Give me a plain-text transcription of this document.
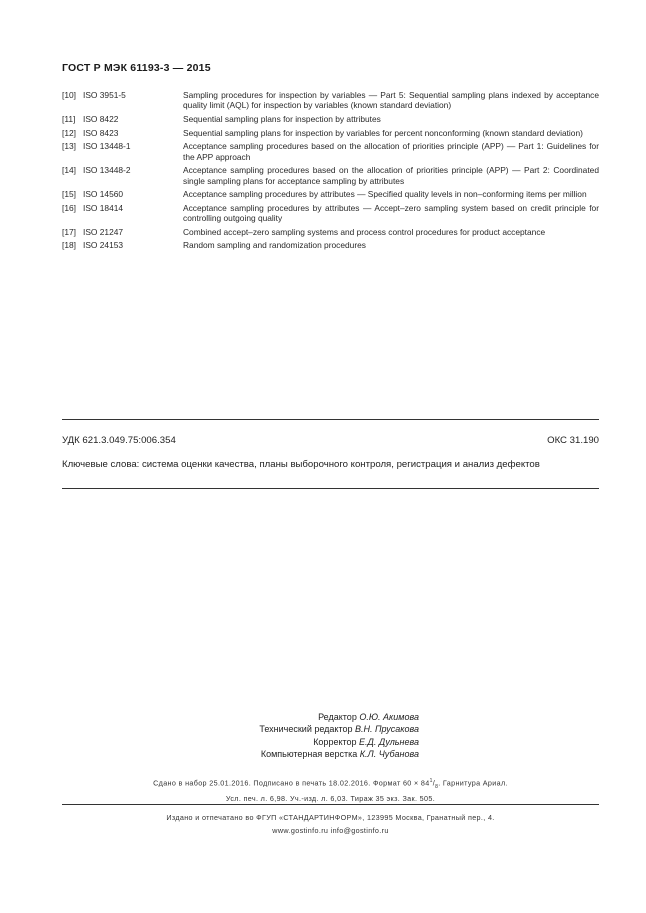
ГОСТ Р МЭК 61193-3 — 2015
[10] ISO 3951-5	Sampling procedures for inspection by variables — Part 5: Sequential sampling plans indexed by acceptance quality limit (AQL) for inspection by variables (known standard deviation)
[11] ISO 8422	Sequential sampling plans for inspection by attributes
[12] ISO 8423	Sequential sampling plans for inspection by variables for percent nonconforming (known standard deviation)
[13] ISO 13448-1	Acceptance sampling procedures based on the allocation of priorities principle (APP) — Part 1: Guidelines for the APP approach
[14] ISO 13448-2	Acceptance sampling procedures based on the allocation of priorities principle (APP) — Part 2: Coordinated single sampling plans for acceptance sampling by attributes
[15] ISO 14560	Acceptance sampling procedures by attributes — Specified quality levels in non–conforming items per million
[16] ISO 18414	Acceptance sampling procedures by attributes — Accept–zero sampling system based on credit principle for controlling outgoing quality
[17] ISO 21247	Combined accept–zero sampling systems and process control procedures for product acceptance
[18] ISO 24153	Random sampling and randomization procedures
УДК 621.3.049.75:006.354	ОКС 31.190
Ключевые слова: система оценки качества, планы выборочного контроля, регистрация и анализ дефектов
Редактор О.Ю. Акимова
Технический редактор В.Н. Прусакова
Корректор Е.Д. Дульнева
Компьютерная верстка К.Л. Чубанова
Сдано в набор 25.01.2016. Подписано в печать 18.02.2016. Формат $60 \times 84^1/_8$. Гарнитура Ариал.
Усл. печ. л. 6,98. Уч.-изд. л. 6,03. Тираж 35 экз. Зак. 505.
Издано и отпечатано во ФГУП «СТАНДАРТИНФОРМ», 123995 Москва, Гранатный пер., 4.
www.gostinfo.ru info@gostinfo.ru
